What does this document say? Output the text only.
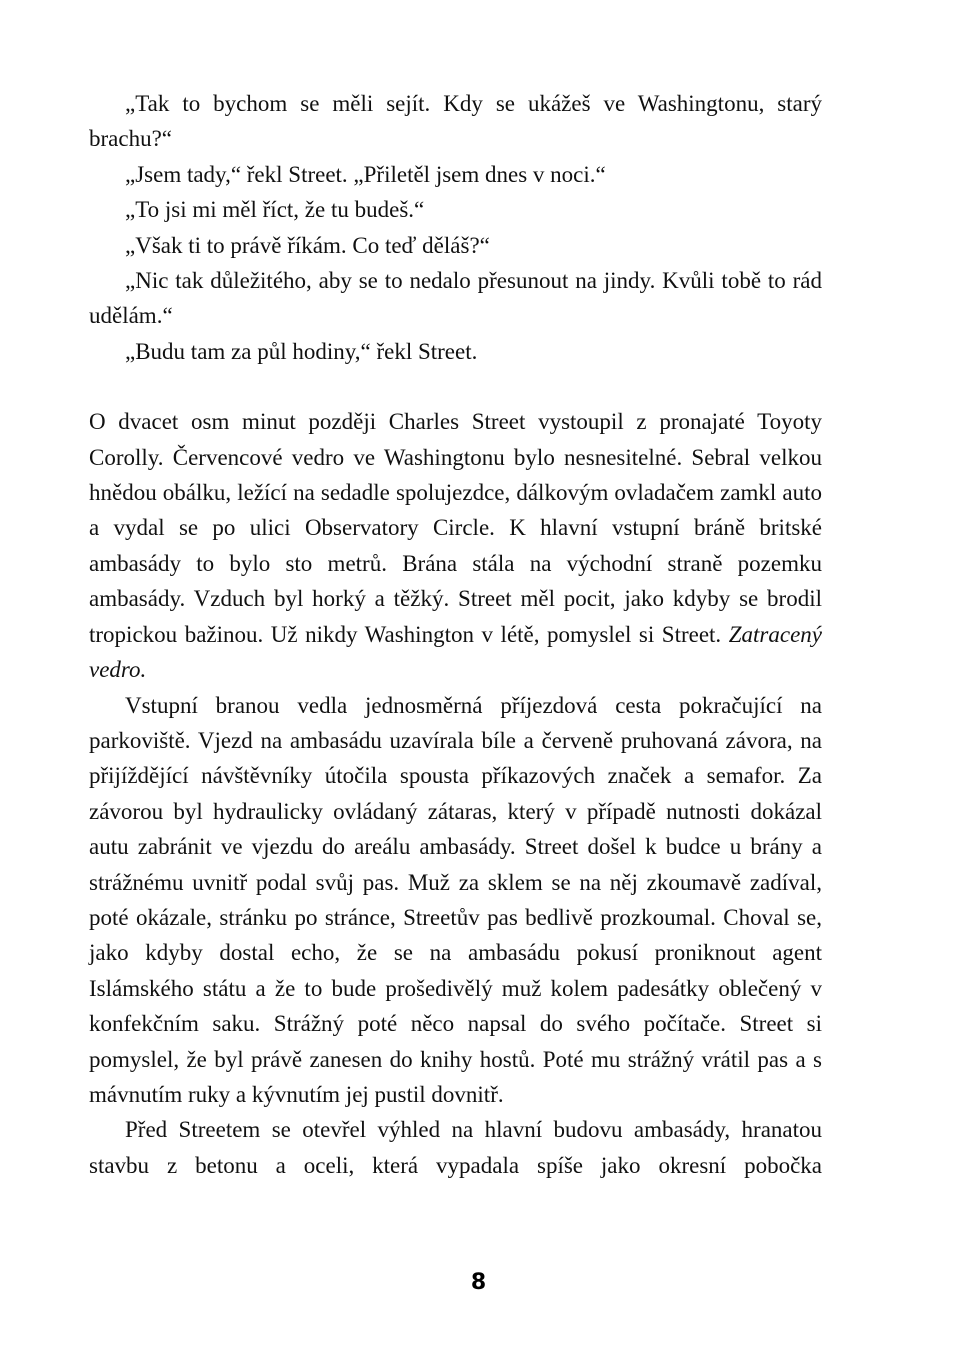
„Tak to bychom se měli sejít. Kdy se ukážeš ve Washingtonu, starý brachu?“

„Jsem tady,“ řekl Street. „Přiletěl jsem dnes v noci.“

„To jsi mi měl říct, že tu budeš.“

„Však ti to právě říkám. Co teď děláš?“

„Nic tak důležitého, aby se to nedalo přesunout na jindy. Kvůli tobě to rád udělám.“

„Budu tam za půl hodiny,“ řekl Street.

O dvacet osm minut později Charles Street vystoupil z pronajaté Toyoty Corolly. Červencové vedro ve Washingtonu bylo nesnesitelné. Sebral velkou hnědou obálku, ležící na sedadle spolujezdce, dálkovým ovladačem zamkl auto a vydal se po ulici Observatory Circle. K hlavní vstupní bráně britské ambasády to bylo sto metrů. Brána stála na východní straně pozemku ambasády. Vzduch byl horký a těžký. Street měl pocit, jako kdyby se brodil tropickou bažinou. Už nikdy Washington v létě, pomyslel si Street. Zatracený vedro.

Vstupní branou vedla jednosměrná příjezdová cesta pokračující na parkoviště. Vjezd na ambasádu uzavírala bíle a červeně pruhovaná závora, na přijíždějící návštěvníky útočila spousta příkazových značek a semafor. Za závorou byl hydraulicky ovládaný zátaras, který v případě nutnosti dokázal autu zabránit ve vjezdu do areálu ambasády. Street došel k budce u brány a strážnému uvnitř podal svůj pas. Muž za sklem se na něj zkoumavě zadíval, poté okázale, stránku po stránce, Streetův pas bedlivě prozkoumal. Choval se, jako kdyby dostal echo, že se na ambasádu pokusí proniknout agent Islámského státu a že to bude prošedivělý muž kolem padesátky oblečený v konfekčním saku. Strážný poté něco napsal do svého počítače. Street si pomyslel, že byl právě zanesen do knihy hostů. Poté mu strážný vrátil pas a s mávnutím ruky a kývnutím jej pustil dovnitř.

Před Streetem se otevřel výhled na hlavní budovu ambasády, hranatou stavbu z betonu a oceli, která vypadala spíše jako okresní pobočka

8
